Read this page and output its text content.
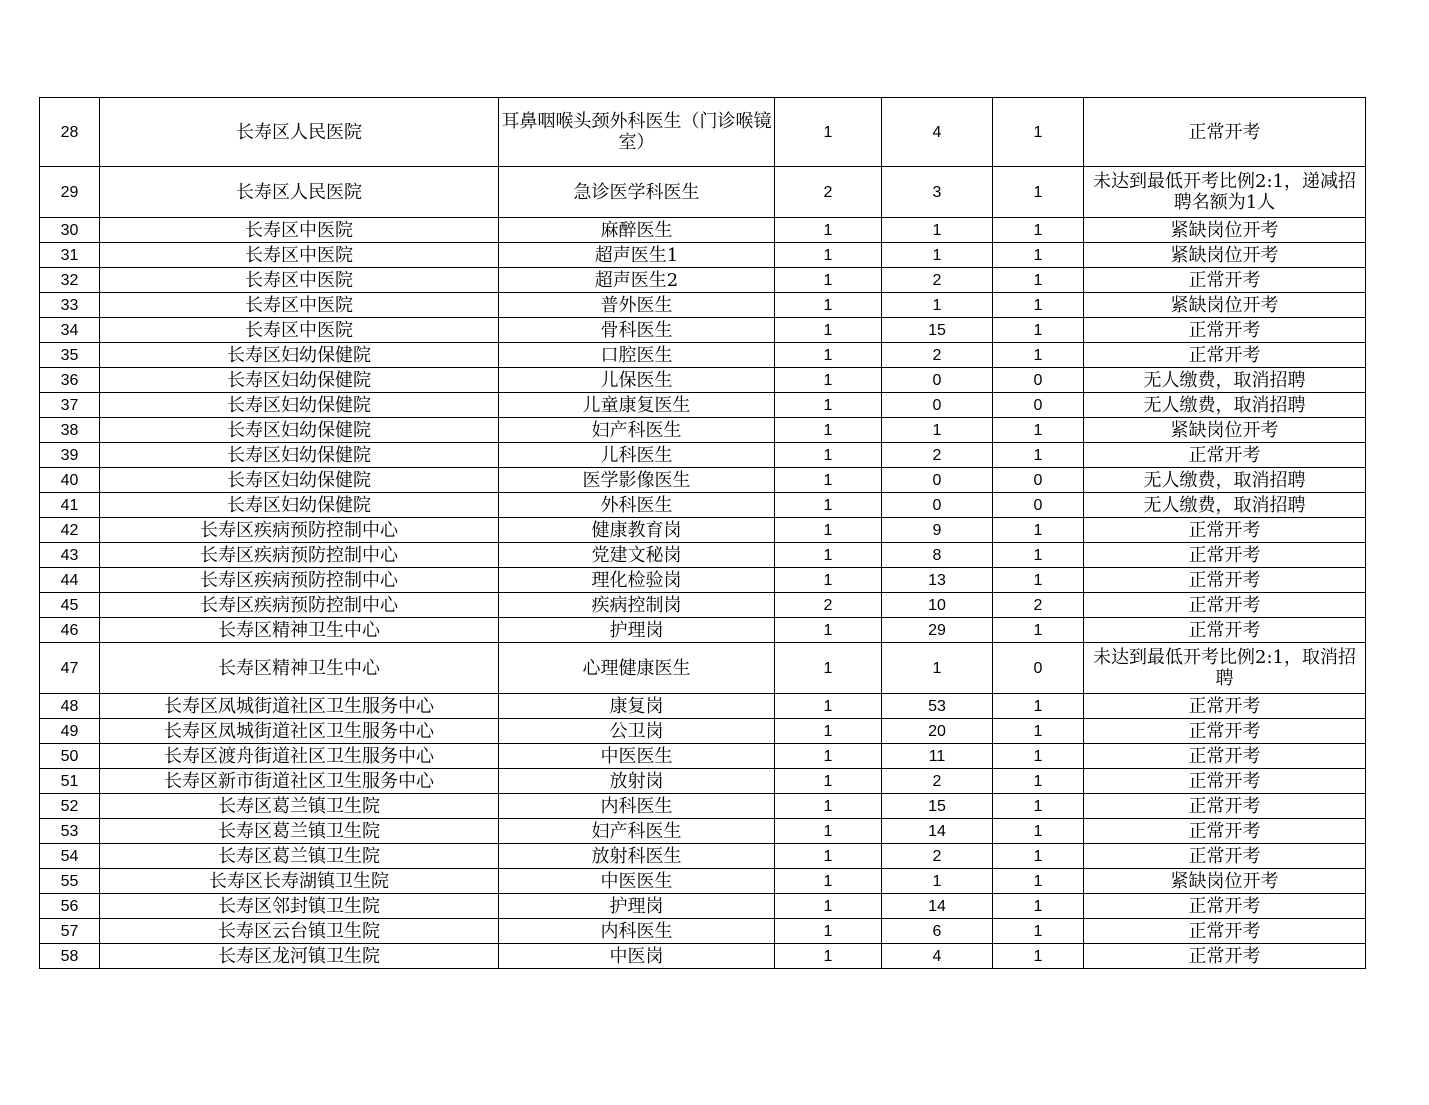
28	长寿区人民医院	耳鼻咽喉头颈外科医生（门诊喉镜室）	1	4	1	正常开考
29	长寿区人民医院	急诊医学科医生	2	3	1	未达到最低开考比例2:1，递减招聘名额为1人
30	长寿区中医院	麻醉医生	1	1	1	紧缺岗位开考
31	长寿区中医院	超声医生1	1	1	1	紧缺岗位开考
32	长寿区中医院	超声医生2	1	2	1	正常开考
33	长寿区中医院	普外医生	1	1	1	紧缺岗位开考
34	长寿区中医院	骨科医生	1	15	1	正常开考
35	长寿区妇幼保健院	口腔医生	1	2	1	正常开考
36	长寿区妇幼保健院	儿保医生	1	0	0	无人缴费，取消招聘
37	长寿区妇幼保健院	儿童康复医生	1	0	0	无人缴费，取消招聘
38	长寿区妇幼保健院	妇产科医生	1	1	1	紧缺岗位开考
39	长寿区妇幼保健院	儿科医生	1	2	1	正常开考
40	长寿区妇幼保健院	医学影像医生	1	0	0	无人缴费，取消招聘
41	长寿区妇幼保健院	外科医生	1	0	0	无人缴费，取消招聘
42	长寿区疾病预防控制中心	健康教育岗	1	9	1	正常开考
43	长寿区疾病预防控制中心	党建文秘岗	1	8	1	正常开考
44	长寿区疾病预防控制中心	理化检验岗	1	13	1	正常开考
45	长寿区疾病预防控制中心	疾病控制岗	2	10	2	正常开考
46	长寿区精神卫生中心	护理岗	1	29	1	正常开考
47	长寿区精神卫生中心	心理健康医生	1	1	0	未达到最低开考比例2:1，取消招聘
48	长寿区凤城街道社区卫生服务中心	康复岗	1	53	1	正常开考
49	长寿区凤城街道社区卫生服务中心	公卫岗	1	20	1	正常开考
50	长寿区渡舟街道社区卫生服务中心	中医医生	1	11	1	正常开考
51	长寿区新市街道社区卫生服务中心	放射岗	1	2	1	正常开考
52	长寿区葛兰镇卫生院	内科医生	1	15	1	正常开考
53	长寿区葛兰镇卫生院	妇产科医生	1	14	1	正常开考
54	长寿区葛兰镇卫生院	放射科医生	1	2	1	正常开考
55	长寿区长寿湖镇卫生院	中医医生	1	1	1	紧缺岗位开考
56	长寿区邻封镇卫生院	护理岗	1	14	1	正常开考
57	长寿区云台镇卫生院	内科医生	1	6	1	正常开考
58	长寿区龙河镇卫生院	中医岗	1	4	1	正常开考
